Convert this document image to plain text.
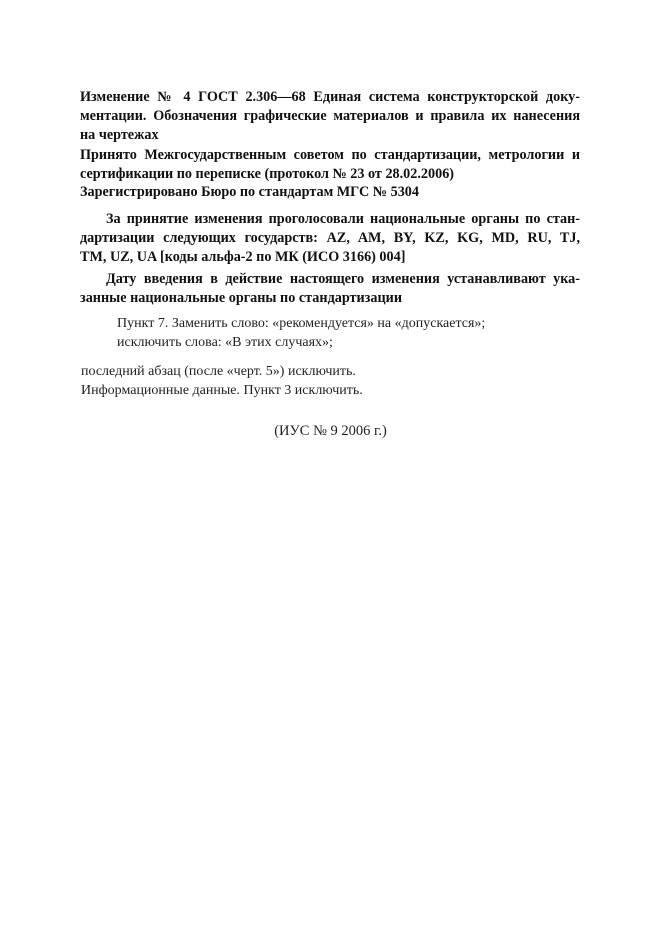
Изменение № 4 ГОСТ 2.306—68 Единая система конструкторской доку-
ментации. Обозначения графические материалов и правила их нанесения
на чертежах
Принято Межгосударственным советом по стандартизации, метрологии и
сертификации по переписке (протокол № 23 от 28.02.2006)
Зарегистрировано Бюро по стандартам МГС № 5304
За принятие изменения проголосовали национальные органы по стан-
дартизации следующих государств: AZ, AM, BY, KZ, KG, MD, RU, TJ,
TM, UZ, UA [коды альфа-2 по МК (ИСО 3166) 004]
Дату введения в действие настоящего изменения устанавливают ука-
занные национальные органы по стандартизации
Пункт 7. Заменить слово: «рекомендуется» на «допускается»;
исключить слова: «В этих случаях»;
последний абзац (после «черт. 5») исключить.
Информационные данные. Пункт 3 исключить.
(ИУС № 9 2006 г.)
